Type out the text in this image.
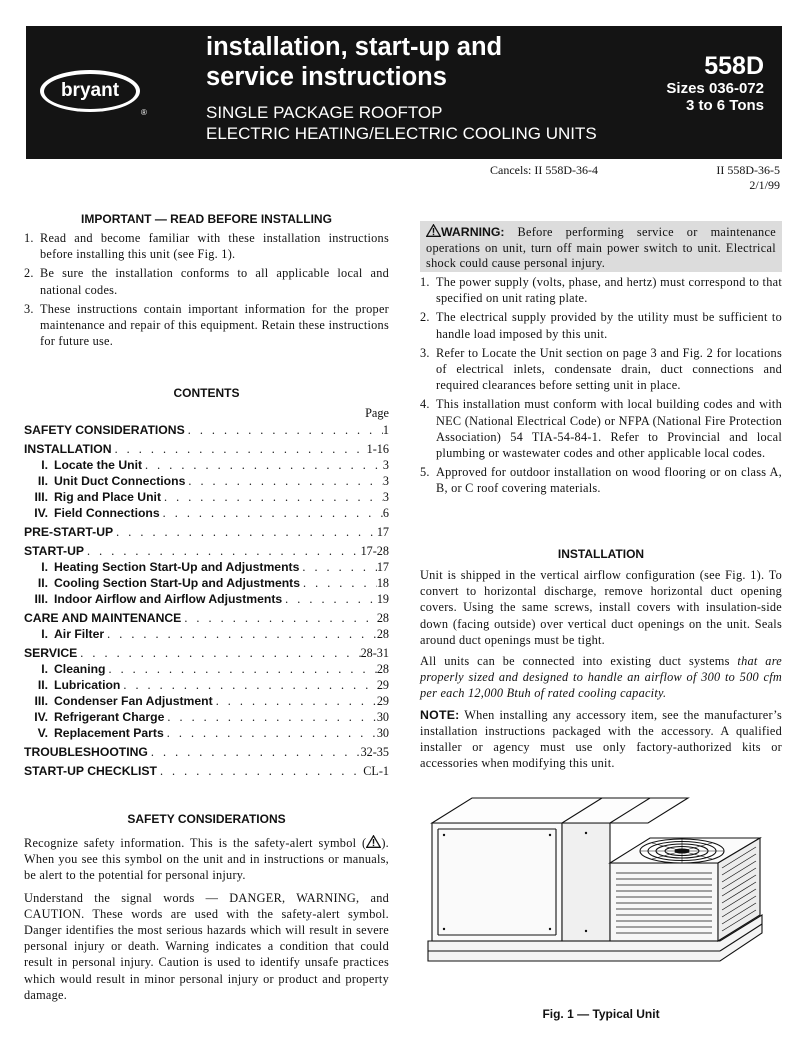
bryant
®
installation, start-up and
service instructions
SINGLE PACKAGE ROOFTOP
ELECTRIC HEATING/ELECTRIC COOLING UNITS
558D
Sizes 036-072
3 to 6 Tons
Cancels: II 558D-36-4	II 558D-36-5
2/1/99
IMPORTANT — READ BEFORE INSTALLING
1. Read and become familiar with these installation instructions before installing this unit (see Fig. 1).
2. Be sure the installation conforms to all applicable local and national codes.
3. These instructions contain important information for the proper maintenance and repair of this equipment. Retain these instructions for future use.
CONTENTS
Page
SAFETY CONSIDERATIONS . . .	1
INSTALLATION . . .	1-16
I. Locate the Unit . . .	3
II. Unit Duct Connections . . .	3
III. Rig and Place Unit . . .	3
IV. Field Connections . . .	6
PRE-START-UP . . .	17
START-UP . . .	17-28
I. Heating Section Start-Up and Adjustments . . .	17
II. Cooling Section Start-Up and Adjustments . . .	18
III. Indoor Airflow and Airflow Adjustments . . .	19
CARE AND MAINTENANCE . . .	28
I. Air Filter . . .	28
SERVICE . . .	28-31
I. Cleaning . . .	28
II. Lubrication . . .	29
III. Condenser Fan Adjustment . . .	29
IV. Refrigerant Charge . . .	30
V. Replacement Parts . . .	30
TROUBLESHOOTING . . .	32-35
START-UP CHECKLIST . . .	CL-1
SAFETY CONSIDERATIONS
Recognize safety information. This is the safety-alert symbol ( ). When you see this symbol on the unit and in instructions or manuals, be alert to the potential for personal injury.
Understand the signal words — DANGER, WARNING, and CAUTION. These words are used with the safety-alert symbol. Danger identifies the most serious hazards which will result in severe personal injury or death. Warning indicates a condition that could result in personal injury. Caution is used to identify unsafe practices which would result in minor personal injury or product and property damage.
WARNING: Before performing service or maintenance operations on unit, turn off main power switch to unit. Electrical shock could cause personal injury.
1. The power supply (volts, phase, and hertz) must correspond to that specified on unit rating plate.
2. The electrical supply provided by the utility must be sufficient to handle load imposed by this unit.
3. Refer to Locate the Unit section on page 3 and Fig. 2 for locations of electrical inlets, condensate drain, duct connections and required clearances before setting unit in place.
4. This installation must conform with local building codes and with NEC (National Electrical Code) or NFPA (National Fire Protection Association) 54 TIA-54-84-1. Refer to Provincial and local plumbing or wastewater codes and other applicable local codes.
5. Approved for outdoor installation on wood flooring or on class A, B, or C roof covering materials.
INSTALLATION
Unit is shipped in the vertical airflow configuration (see Fig. 1). To convert to horizontal discharge, remove horizontal duct opening covers. Using the same screws, install covers with insulation-side down (facing outside) over vertical duct openings on the unit. Seals around duct openings must be tight.
All units can be connected into existing duct systems that are properly sized and designed to handle an airflow of 300 to 500 cfm per each 12,000 Btuh of rated cooling capacity.
NOTE: When installing any accessory item, see the manufacturer’s installation instructions packaged with the accessory. A qualified installer or agency must use only factory-authorized kits or accessories when modifying this unit.
Fig. 1 — Typical Unit
